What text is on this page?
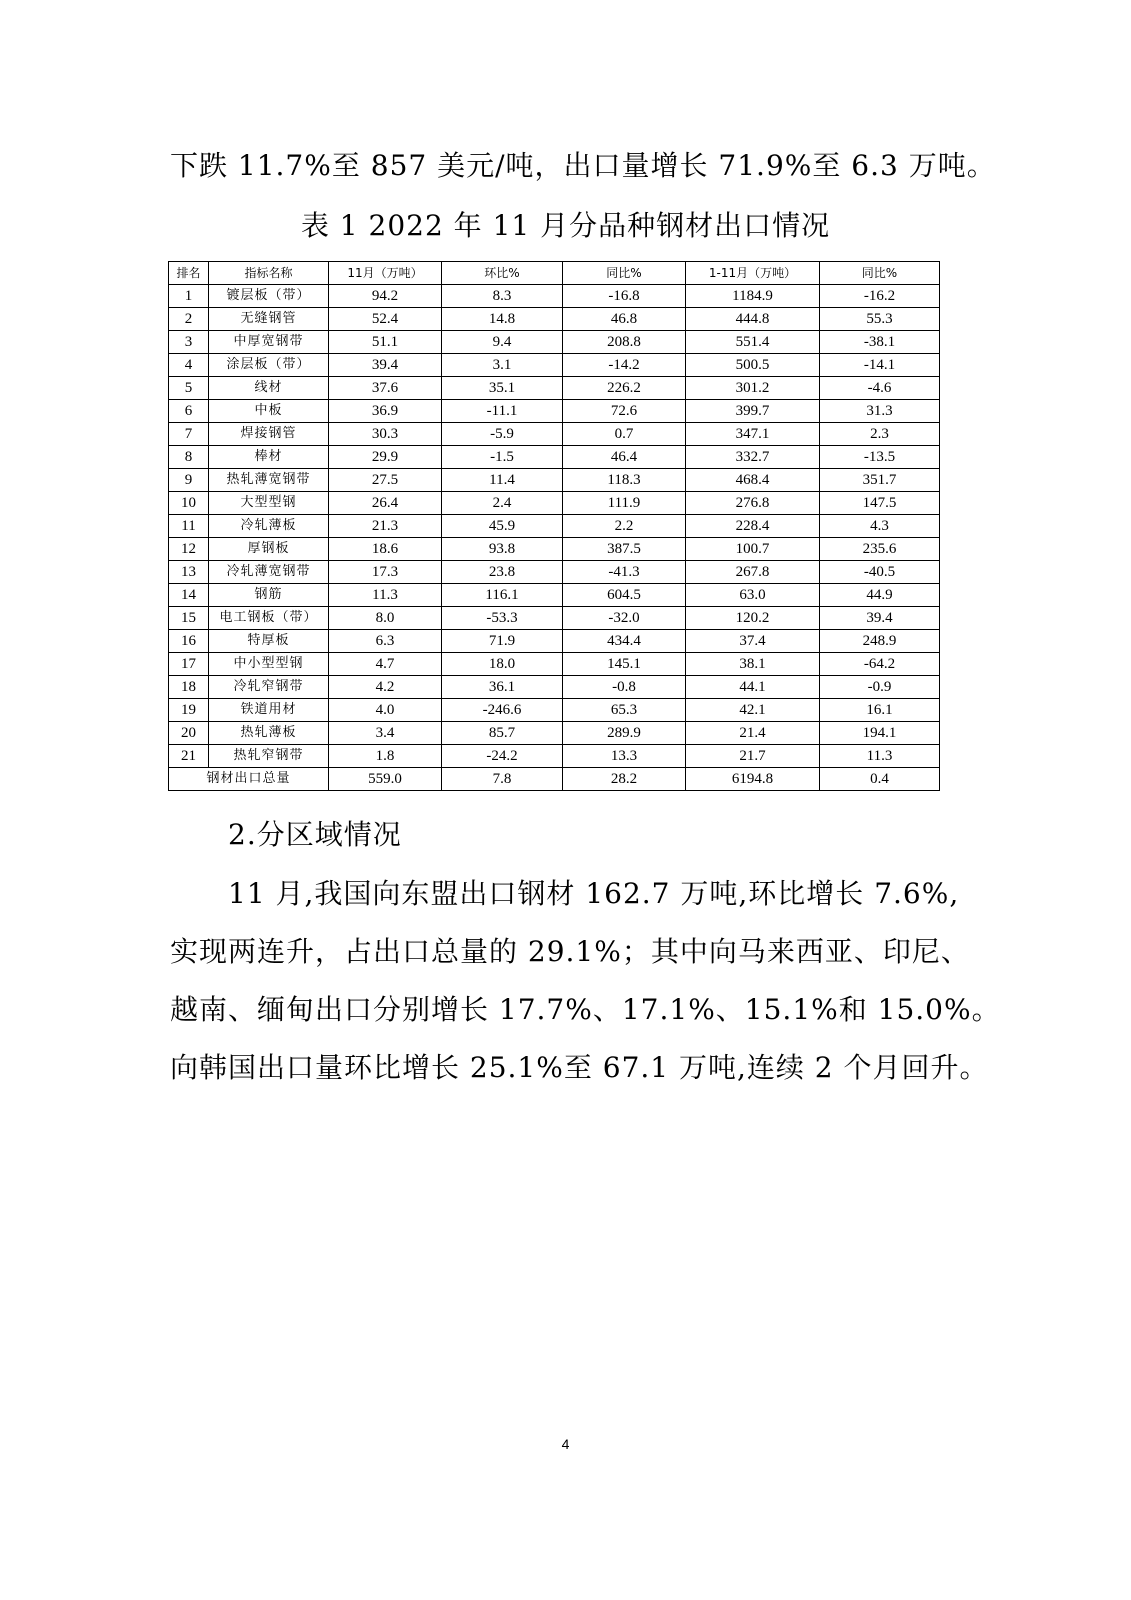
下跌 11.7%至 857 美元/吨，出口量增长 71.9%至 6.3 万吨。
表 1 2022 年 11 月分品种钢材出口情况
排名	指标名称	11月（万吨）	环比%	同比%	1-11月（万吨）	同比%
1	镀层板（带）	94.2	8.3	-16.8	1184.9	-16.2
2	无缝钢管	52.4	14.8	46.8	444.8	55.3
3	中厚宽钢带	51.1	9.4	208.8	551.4	-38.1
4	涂层板（带）	39.4	3.1	-14.2	500.5	-14.1
5	线材	37.6	35.1	226.2	301.2	-4.6
6	中板	36.9	-11.1	72.6	399.7	31.3
7	焊接钢管	30.3	-5.9	0.7	347.1	2.3
8	棒材	29.9	-1.5	46.4	332.7	-13.5
9	热轧薄宽钢带	27.5	11.4	118.3	468.4	351.7
10	大型型钢	26.4	2.4	111.9	276.8	147.5
11	冷轧薄板	21.3	45.9	2.2	228.4	4.3
12	厚钢板	18.6	93.8	387.5	100.7	235.6
13	冷轧薄宽钢带	17.3	23.8	-41.3	267.8	-40.5
14	钢筋	11.3	116.1	604.5	63.0	44.9
15	电工钢板（带）	8.0	-53.3	-32.0	120.2	39.4
16	特厚板	6.3	71.9	434.4	37.4	248.9
17	中小型型钢	4.7	18.0	145.1	38.1	-64.2
18	冷轧窄钢带	4.2	36.1	-0.8	44.1	-0.9
19	铁道用材	4.0	-246.6	65.3	42.1	16.1
20	热轧薄板	3.4	85.7	289.9	21.4	194.1
21	热轧窄钢带	1.8	-24.2	13.3	21.7	11.3
钢材出口总量		559.0	7.8	28.2	6194.8	0.4
2.分区域情况
11 月,我国向东盟出口钢材 162.7 万吨,环比增长 7.6%,
实现两连升，占出口总量的 29.1%；其中向马来西亚、印尼、
越南、缅甸出口分别增长 17.7%、17.1%、15.1%和 15.0%。
向韩国出口量环比增长 25.1%至 67.1 万吨,连续 2 个月回升。
4
